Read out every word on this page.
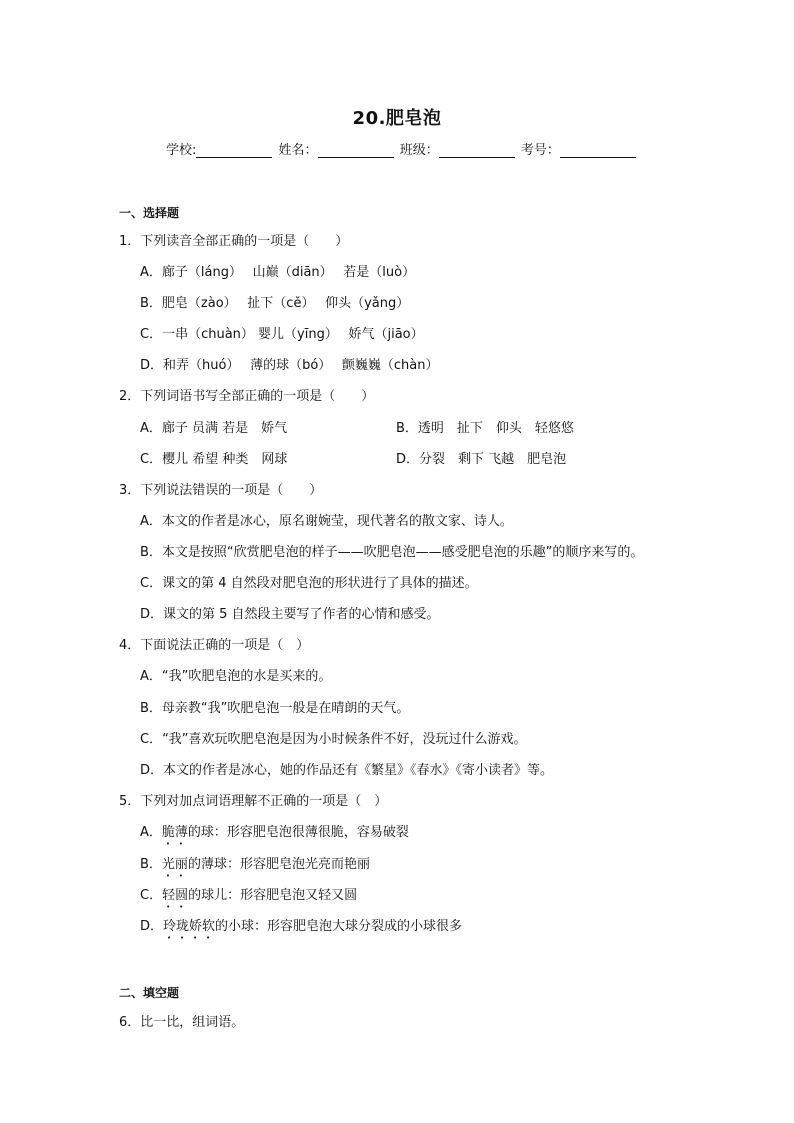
20.肥皂泡
学校:	姓名：	班级：	考号：
一、选择题
1．下列读音全部正确的一项是（　　）
A．廊子（láng）　 山巅（diān）　 若是（luò）
B．肥皂（zào）　 扯下（cě）　 仰头（yǎng）
C．一串（chuàn） 婴儿（yīng）　 娇气（jiāo）
D．和弄（huó）　 薄的球（bó）　 颤巍巍（chàn）
2．下列词语书写全部正确的一项是（　　）
A．廊子 员满 若是　娇气	B．透明　扯下　仰头　轻悠悠
C．樱儿 希望 种类　网球	D．分裂　剩下 飞越　肥皂泡
3．下列说法错误的一项是（　　）
A．本文的作者是冰心，原名谢婉莹，现代著名的散文家、诗人。
B．本文是按照“欣赏肥皂泡的样子——吹肥皂泡——感受肥皂泡的乐趣”的顺序来写的。
C．课文的第 4 自然段对肥皂泡的形状进行了具体的描述。
D．课文的第 5 自然段主要写了作者的心情和感受。
4．下面说法正确的一项是（　）
A．“我”吹肥皂泡的水是买来的。
B．母亲教“我”吹肥皂泡一般是在晴朗的天气。
C．“我”喜欢玩吹肥皂泡是因为小时候条件不好，没玩过什么游戏。
D．本文的作者是冰心，她的作品还有《繁星》《春水》《寄小读者》等。
5．下列对加点词语理解不正确的一项是（　）
A．脆薄的球：形容肥皂泡很薄很脆，容易破裂
B．光丽的薄球：形容肥皂泡光亮而艳丽
C．轻圆的球儿：形容肥皂泡又轻又圆
D．玲珑娇软的小球：形容肥皂泡大球分裂成的小球很多
二、填空题
6．比一比，组词语。
